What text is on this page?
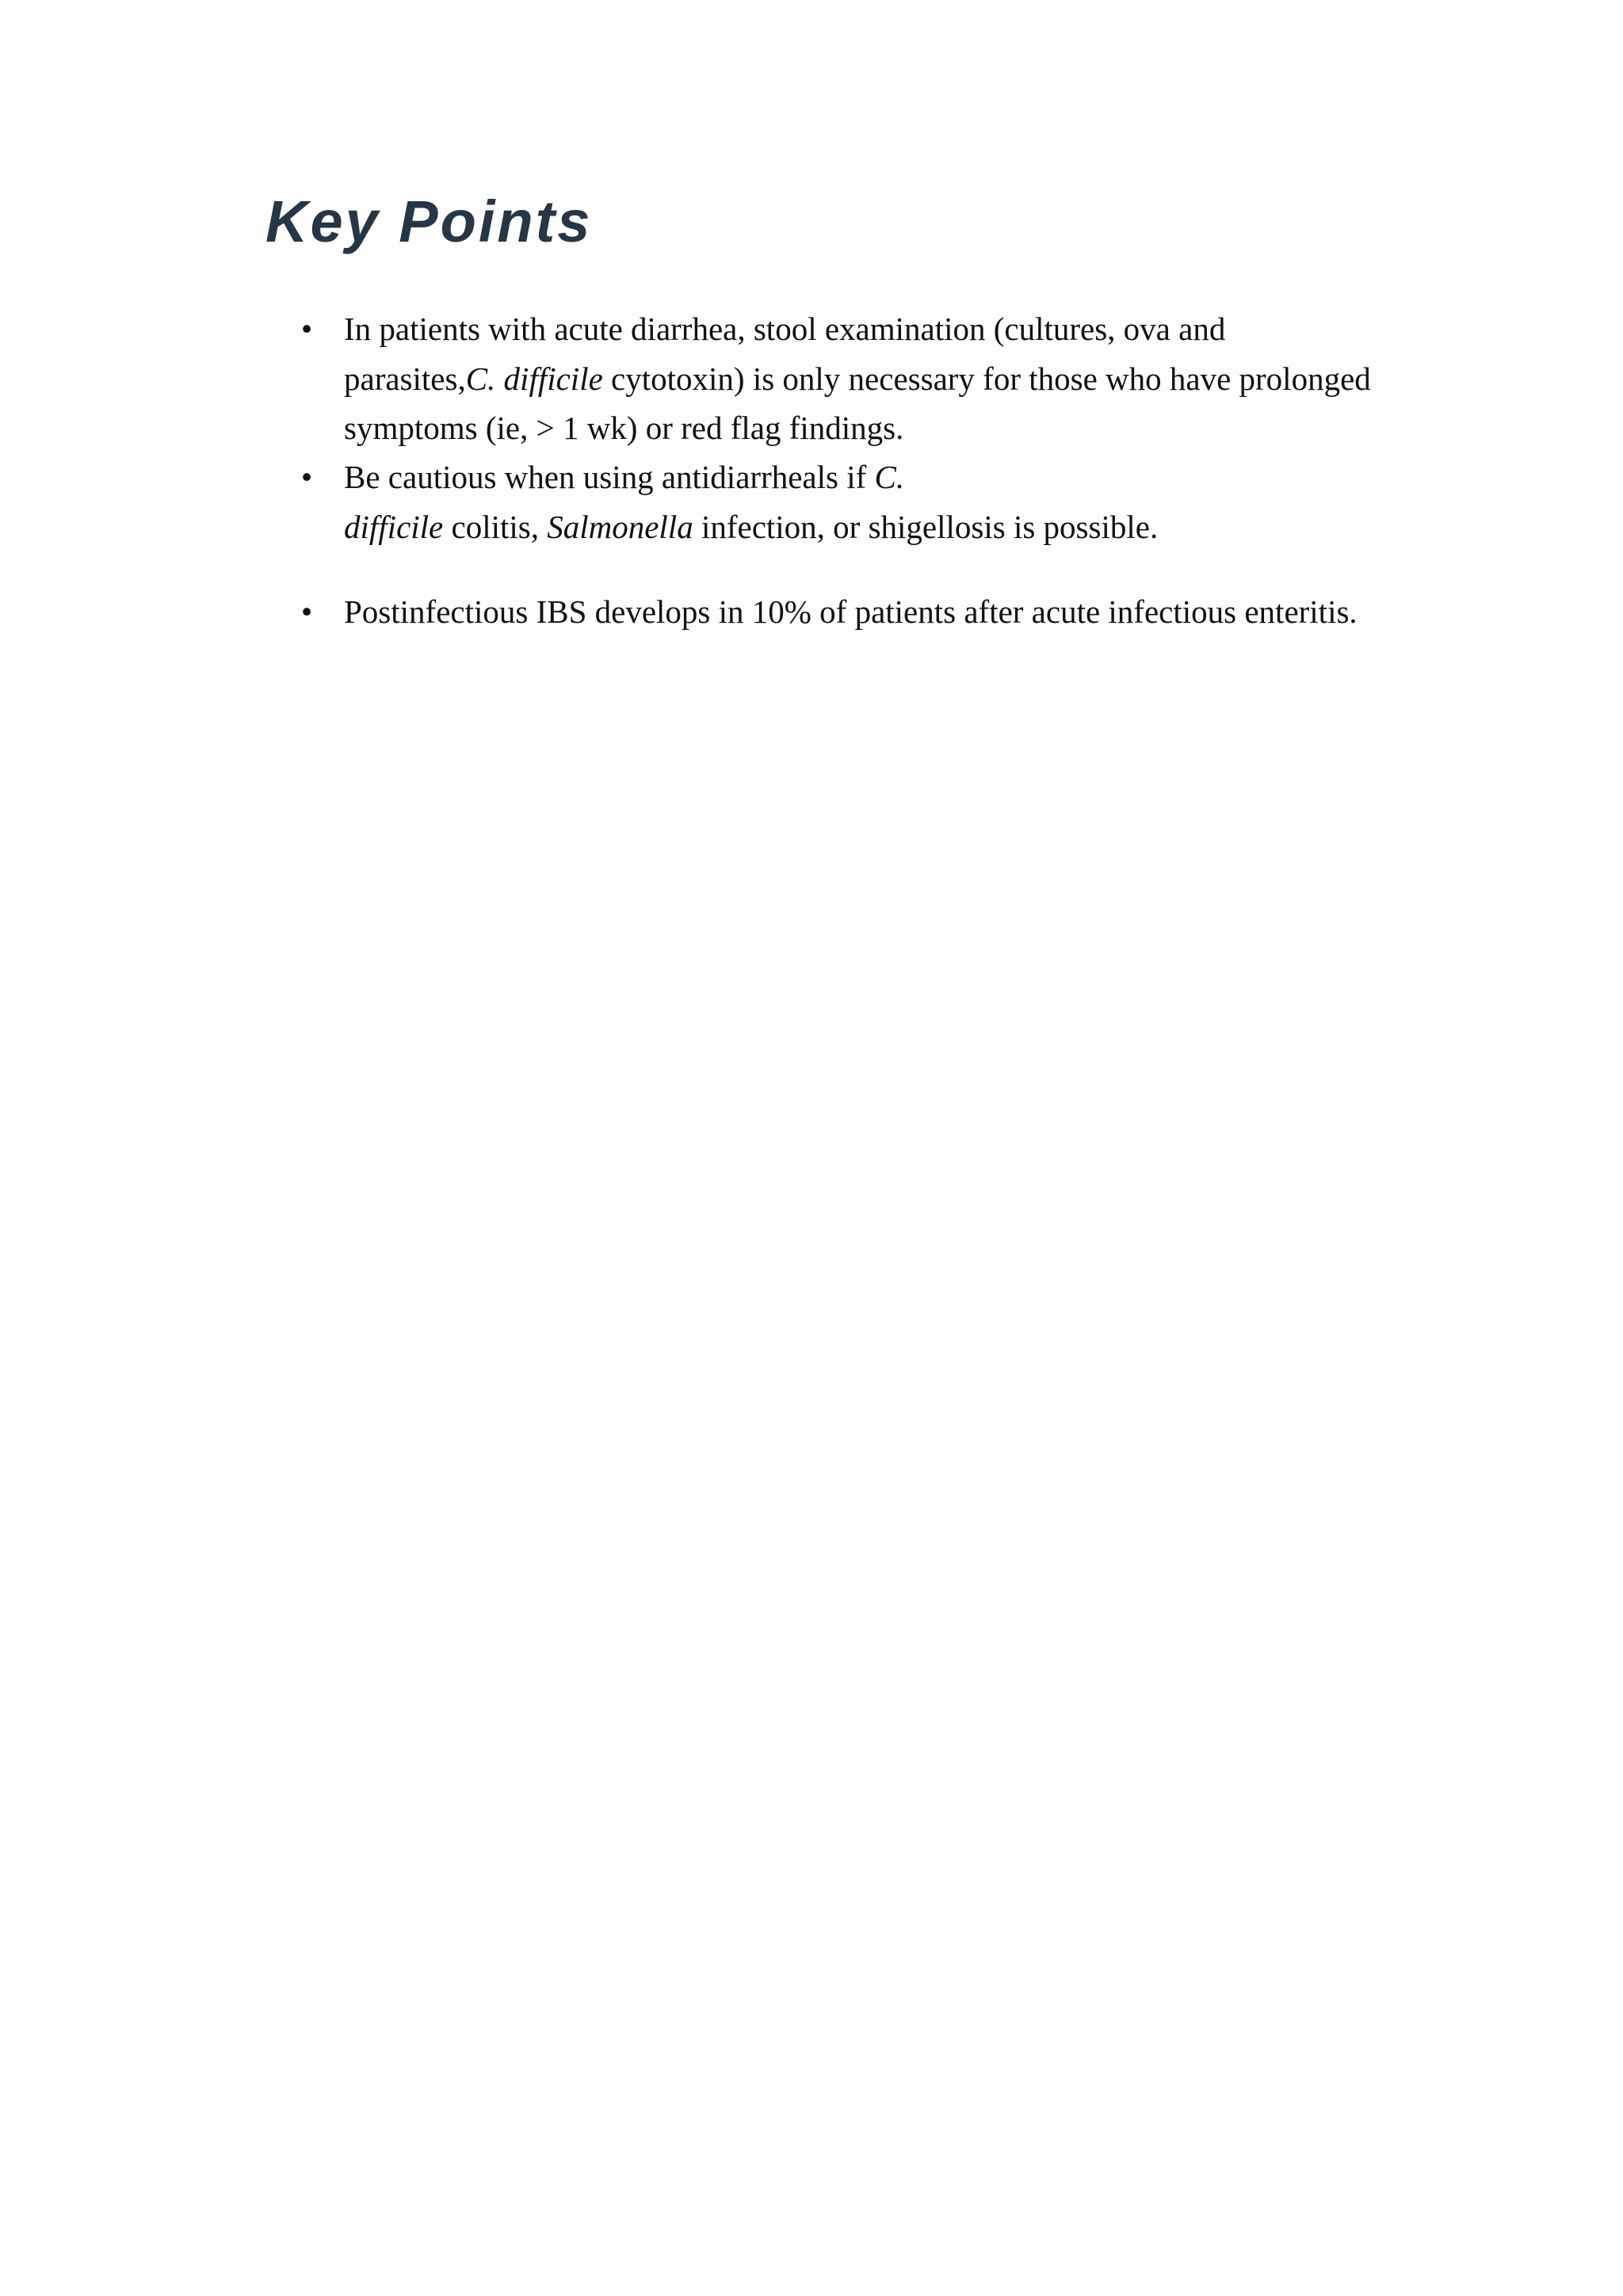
Key Points
• In patients with acute diarrhea, stool examination (cultures, ova and
parasites,C. difficile cytotoxin) is only necessary for those who have prolonged
symptoms (ie, > 1 wk) or red flag findings.
• Be cautious when using antidiarrheals if C.
difficile colitis, Salmonella infection, or shigellosis is possible.
• Postinfectious IBS develops in 10% of patients after acute infectious enteritis.
